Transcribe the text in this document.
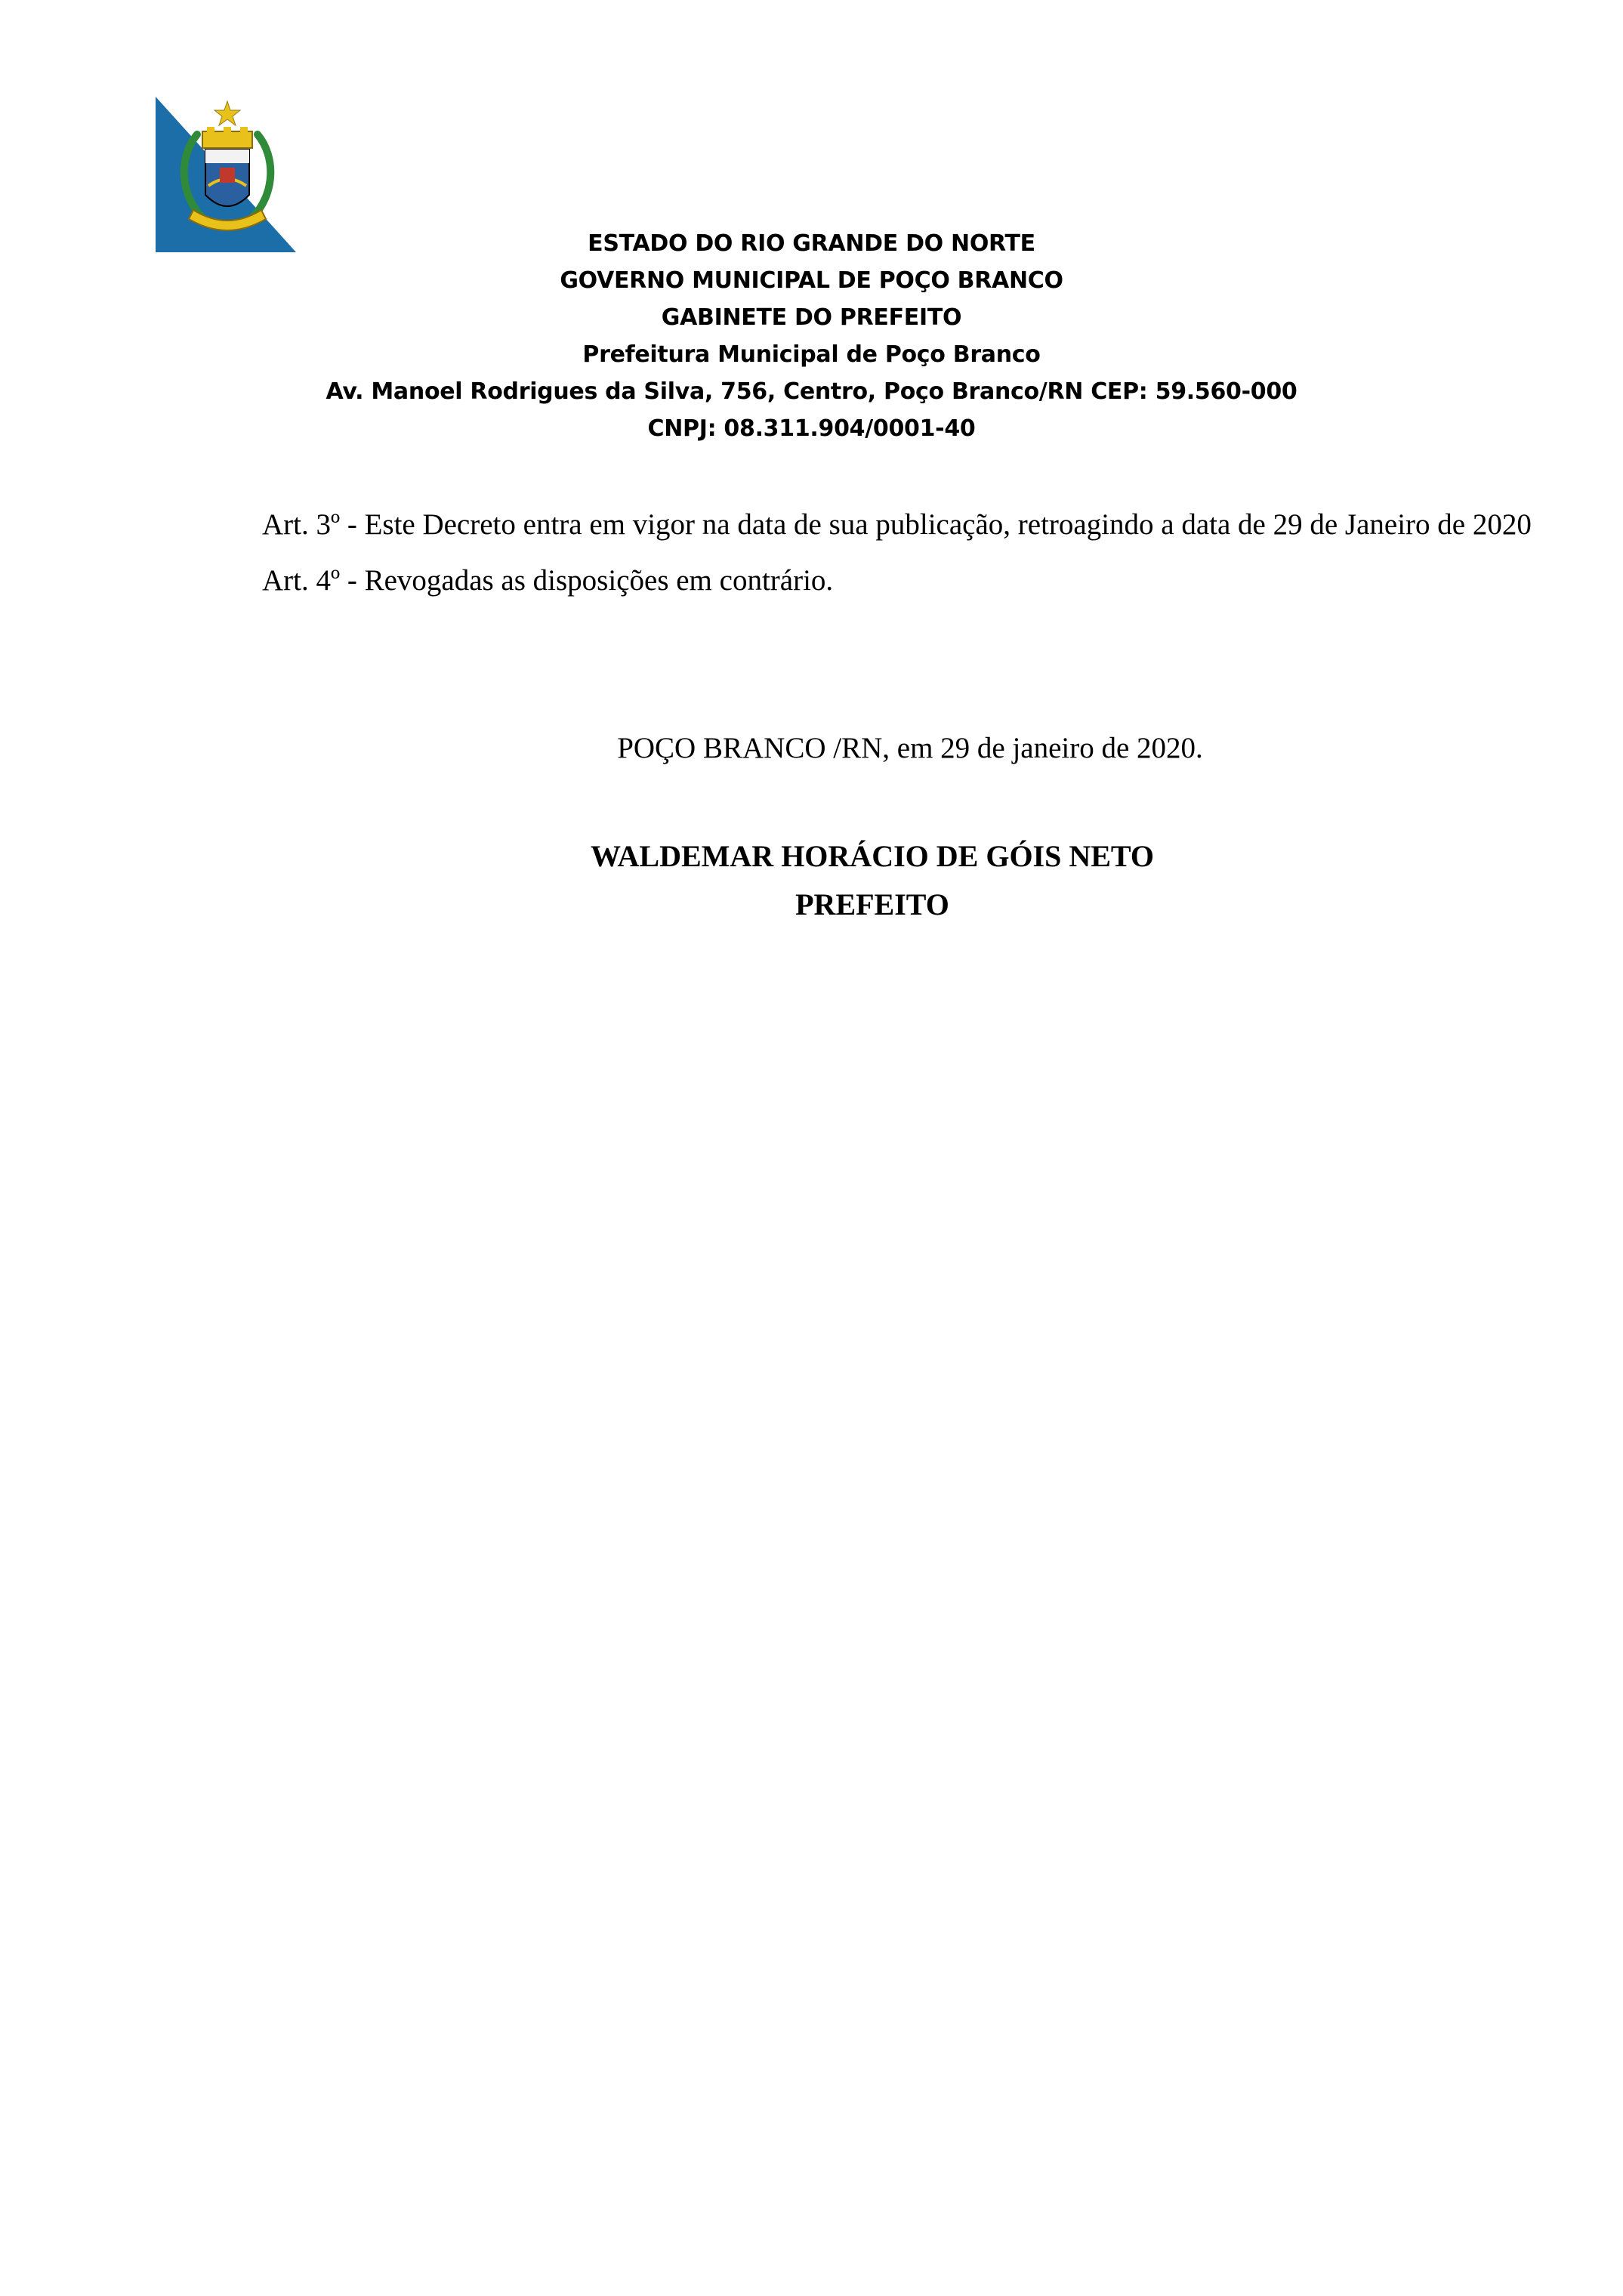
ESTADO DO RIO GRANDE DO NORTE
GOVERNO MUNICIPAL DE POÇO BRANCO
GABINETE DO PREFEITO
Prefeitura Municipal de Poço Branco
Av. Manoel Rodrigues da Silva, 756, Centro, Poço Branco/RN CEP: 59.560-000
CNPJ: 08.311.904/0001-40

Art. 3º - Este Decreto entra em vigor na data de sua publicação, retroagindo a data de 29 de Janeiro de 2020

Art. 4º - Revogadas as disposições em contrário.

POÇO BRANCO /RN, em 29 de janeiro de 2020.
WALDEMAR HORÁCIO DE GÓIS NETO
PREFEITO
